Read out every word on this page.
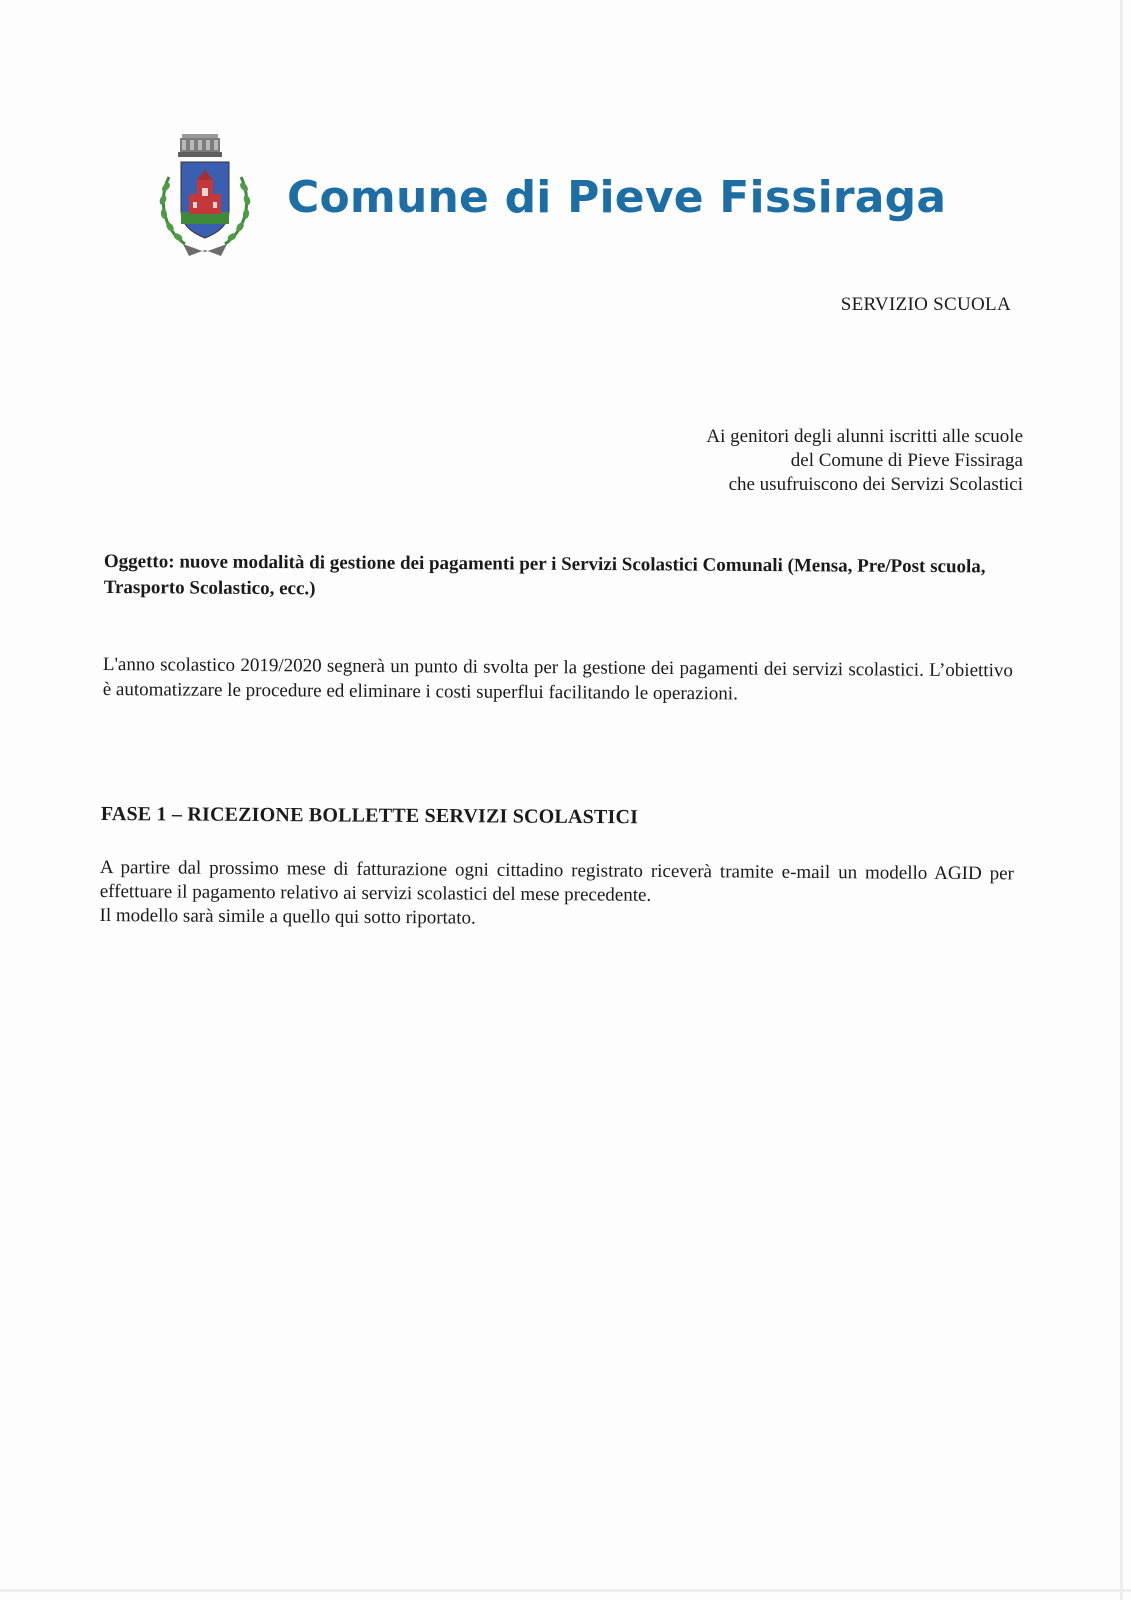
Comune di Pieve Fissiraga
SERVIZIO SCUOLA
Ai genitori degli alunni iscritti alle scuole
del Comune di Pieve Fissiraga
che usufruiscono dei Servizi Scolastici
Oggetto: nuove modalità di gestione dei pagamenti per i Servizi Scolastici Comunali (Mensa, Pre/Post scuola, Trasporto Scolastico, ecc.)
L'anno scolastico 2019/2020 segnerà un punto di svolta per la gestione dei pagamenti dei servizi scolastici. L’obiettivo è automatizzare le procedure ed eliminare i costi superflui facilitando le operazioni.
FASE 1 – RICEZIONE BOLLETTE SERVIZI SCOLASTICI

A partire dal prossimo mese di fatturazione ogni cittadino registrato riceverà tramite e-mail un modello AGID per effettuare il pagamento relativo ai servizi scolastici del mese precedente.

Il modello sarà simile a quello qui sotto riportato.
